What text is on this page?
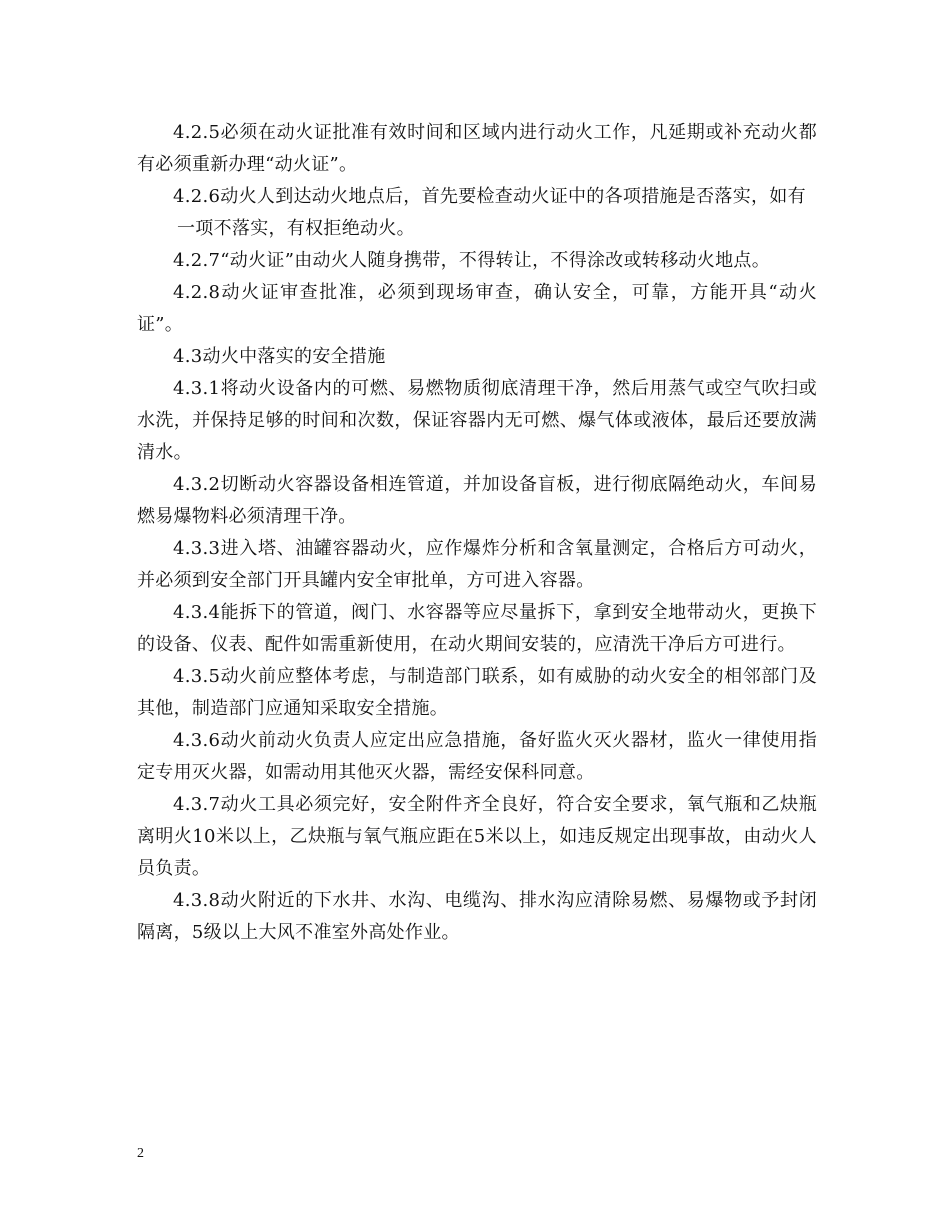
4.2.5必须在动火证批准有效时间和区域内进行动火工作，凡延期或补充动火都有必须重新办理“动火证”。

4.2.6动火人到达动火地点后，首先要检查动火证中的各项措施是否落实，如有

一项不落实，有权拒绝动火。

4.2.7“动火证”由动火人随身携带，不得转让，不得涂改或转移动火地点。

4.2.8动火证审查批准，必须到现场审查，确认安全，可靠，方能开具“动火证”。

4.3动火中落实的安全措施

4.3.1将动火设备内的可燃、易燃物质彻底清理干净，然后用蒸气或空气吹扫或水洗，并保持足够的时间和次数，保证容器内无可燃、爆气体或液体，最后还要放满清水。

4.3.2切断动火容器设备相连管道，并加设备盲板，进行彻底隔绝动火，车间易燃易爆物料必须清理干净。

4.3.3进入塔、油罐容器动火，应作爆炸分析和含氧量测定，合格后方可动火，并必须到安全部门开具罐内安全审批单，方可进入容器。

4.3.4能拆下的管道，阀门、水容器等应尽量拆下，拿到安全地带动火，更换下的设备、仪表、配件如需重新使用，在动火期间安装的，应清洗干净后方可进行。

4.3.5动火前应整体考虑，与制造部门联系，如有威胁的动火安全的相邻部门及其他，制造部门应通知采取安全措施。

4.3.6动火前动火负责人应定出应急措施，备好监火灭火器材，监火一律使用指定专用灭火器，如需动用其他灭火器，需经安保科同意。

4.3.7动火工具必须完好，安全附件齐全良好，符合安全要求，氧气瓶和乙炔瓶离明火10米以上，乙炔瓶与氧气瓶应距在5米以上，如违反规定出现事故，由动火人员负责。

4.3.8动火附近的下水井、水沟、电缆沟、排水沟应清除易燃、易爆物或予封闭隔离，5级以上大风不准室外高处作业。

2
